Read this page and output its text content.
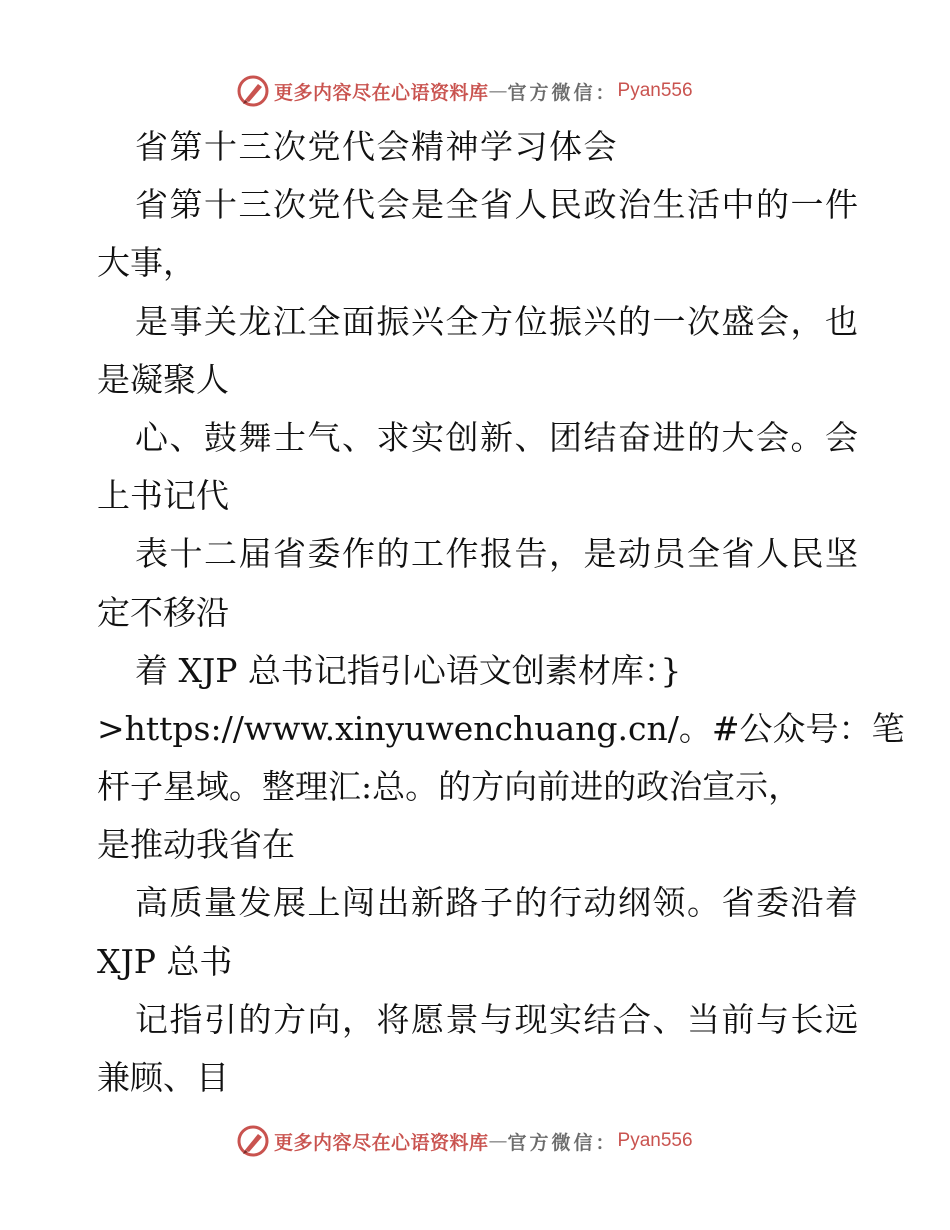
更多内容尽在心语资料库 — 官方微信： Pyan556
省第十三次党代会精神学习体会
省第十三次党代会是全省人民政治生活中的一件
大事，
是事关龙江全面振兴全方位振兴的一次盛会，也
是凝聚人
心、鼓舞士气、求实创新、团结奋进的大会。会
上书记代
表十二届省委作的工作报告，是动员全省人民坚
定不移沿
着 XJP 总书记指引心语文创素材库：}
>https://www.xinyuwenchuang.cn/。#公众号：笔
杆子星域。整理汇:总。的方向前进的政治宣示，
是推动我省在
高质量发展上闯出新路子的行动纲领。省委沿着
XJP 总书
记指引的方向，将愿景与现实结合、当前与长远
兼顾、目
更多内容尽在心语资料库 — 官方微信： Pyan556
